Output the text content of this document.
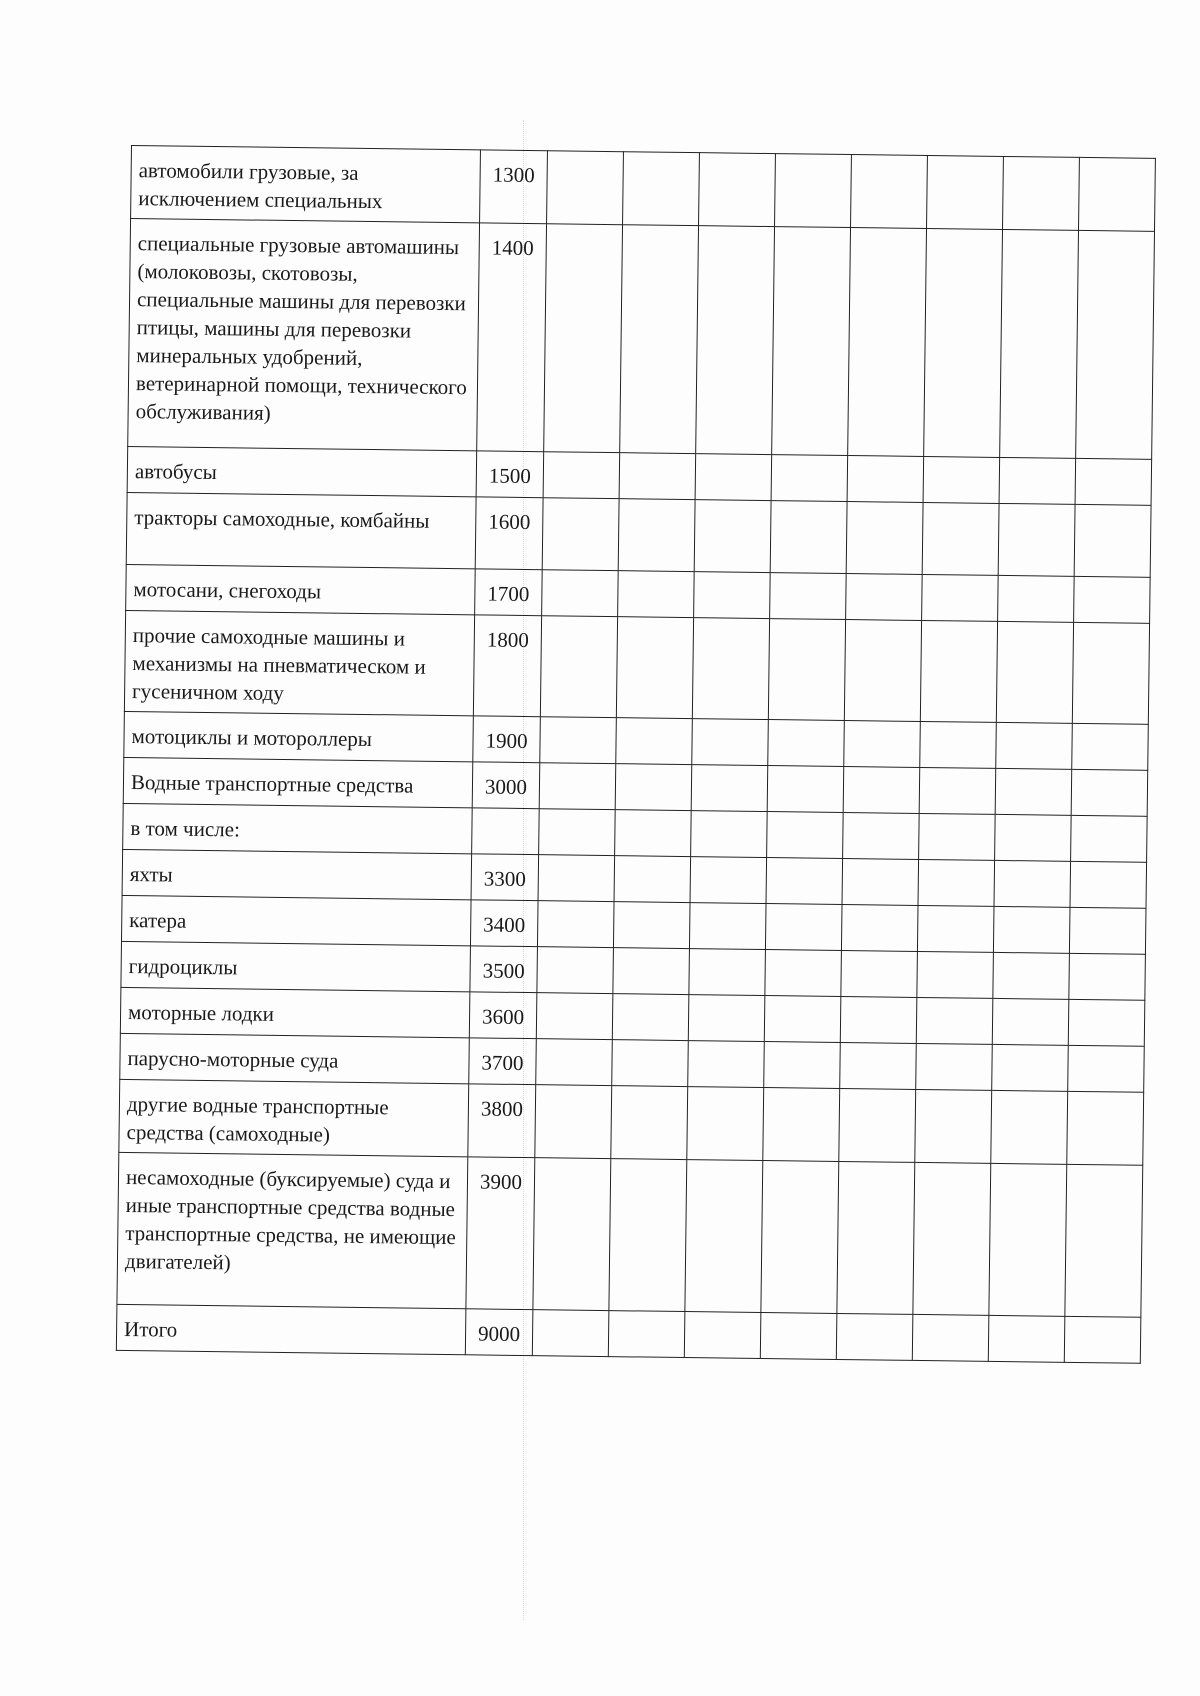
автомобили грузовые, за исключением специальных	1300								
специальные грузовые автомашины (молоковозы, скотовозы, специальные машины для перевозки птицы, машины для перевозки минеральных удобрений, ветеринарной помощи, технического обслуживания)	1400								
автобусы	1500								
тракторы самоходные, комбайны	1600								
мотосани, снегоходы	1700								
прочие самоходные машины и механизмы на пневматическом и гусеничном ходу	1800								
мотоциклы и мотороллеры	1900								
Водные транспортные средства	3000								
в том числе:									
яхты	3300								
катера	3400								
гидроциклы	3500								
моторные лодки	3600								
парусно-моторные суда	3700								
другие водные транспортные средства (самоходные)	3800								
несамоходные (буксируемые) суда и иные транспортные средства водные транспортные средства, не имеющие двигателей)	3900								
Итого	9000								
